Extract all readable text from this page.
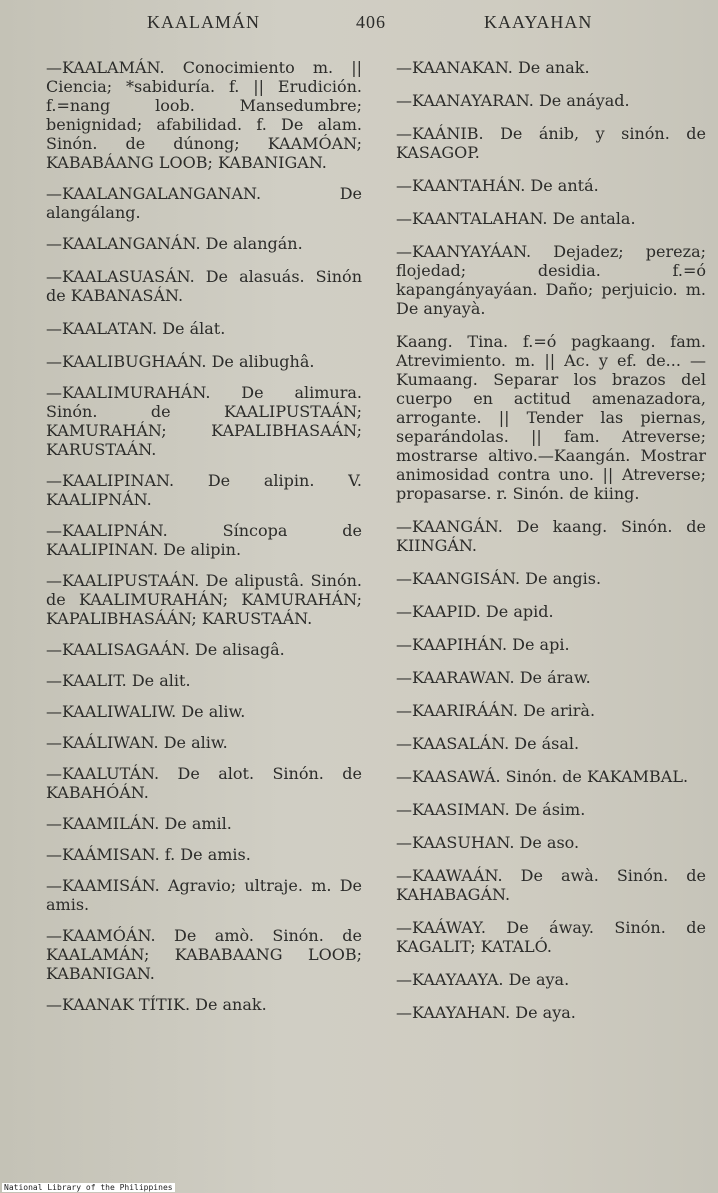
KAALAMÁN	406	KAAYAHAN

—KAALAMÁN. Conocimiento m. || Ciencia; *sabiduría. f. || Erudición. f.=nang loob. Mansedumbre; benignidad; afabilidad. f. De alam. Sinón. de dúnong; KAAMÓAN; KABABÁANG LOOB; KABANIGAN.

—KAALANGALANGANAN. De alangálang.

—KAALANGANÁN. De alangán.

—KAALASUASÁN. De alasuás. Sinón de KABANASÁN.

—KAALATAN. De álat.

—KAALIBUGHAÁN. De alibughâ.

—KAALIMURAHÁN. De alimura. Sinón. de KAALIPUSTAÁN; KAMURAHÁN; KAPALIBHASAÁN; KARUSTAÁN.

—KAALIPINAN. De alipin. V. KAALIPNÁN.

—KAALIPNÁN. Síncopa de KAALIPINAN. De alipin.

—KAALIPUSTAÁN. De alipustâ. Sinón. de KAALIMURAHÁN; KAMURAHÁN; KAPALIBHASÁÁN; KARUSTAÁN.

—KAALISAGAÁN. De alisagâ.

—KAALIT. De alit.

—KAALIWALIW. De aliw.

—KAÁLIWAN. De aliw.

—KAALUTÁN. De alot. Sinón. de KABAHÓÁN.

—KAAMILÁN. De amil.

—KAÁMISAN. f. De amis.

—KAAMISÁN. Agravio; ultraje. m. De amis.

—KAAMÓÁN. De amò. Sinón. de KAALAMÁN; KABABAANG LOOB; KABANIGAN.

—KAANAK TÍTIK. De anak.

—KAANAKAN. De anak.

—KAANAYARAN. De anáyad.

—KAÁNIB. De ánib, y sinón. de KASAGOP.

—KAANTAHÁN. De antá.

—KAANTALAHAN. De antala.

—KAANYAYÁAN. Dejadez; pereza; flojedad; desidia. f.=ó kapangányayáan. Daño; perjuicio. m. De anyayà.

Kaang. Tina. f.=ó pagkaang. fam. Atrevimiento. m. || Ac. y ef. de... —Kumaang. Separar los brazos del cuerpo en actitud amenazadora, arrogante. || Tender las piernas, separándolas. || fam. Atreverse; mostrarse altivo.—Kaangán. Mostrar animosidad contra uno. || Atreverse; propasarse. r. Sinón. de kiing.

—KAANGÁN. De kaang. Sinón. de KIINGÁN.

—KAANGISÁN. De angis.

—KAAPID. De apid.

—KAAPIHÁN. De api.

—KAARAWAN. De áraw.

—KAARIRÁÁN. De arirà.

—KAASALÁN. De ásal.

—KAASAWÁ. Sinón. de KAKAMBAL.

—KAASIMAN. De ásim.

—KAASUHAN. De aso.

—KAAWAÁN. De awà. Sinón. de KAHABAGÁN.

—KAÁWAY. De áway. Sinón. de KAGALIT; KATALÓ.

—KAAYAAYA. De aya.

—KAAYAHAN. De aya.

National Library of the Philippines
